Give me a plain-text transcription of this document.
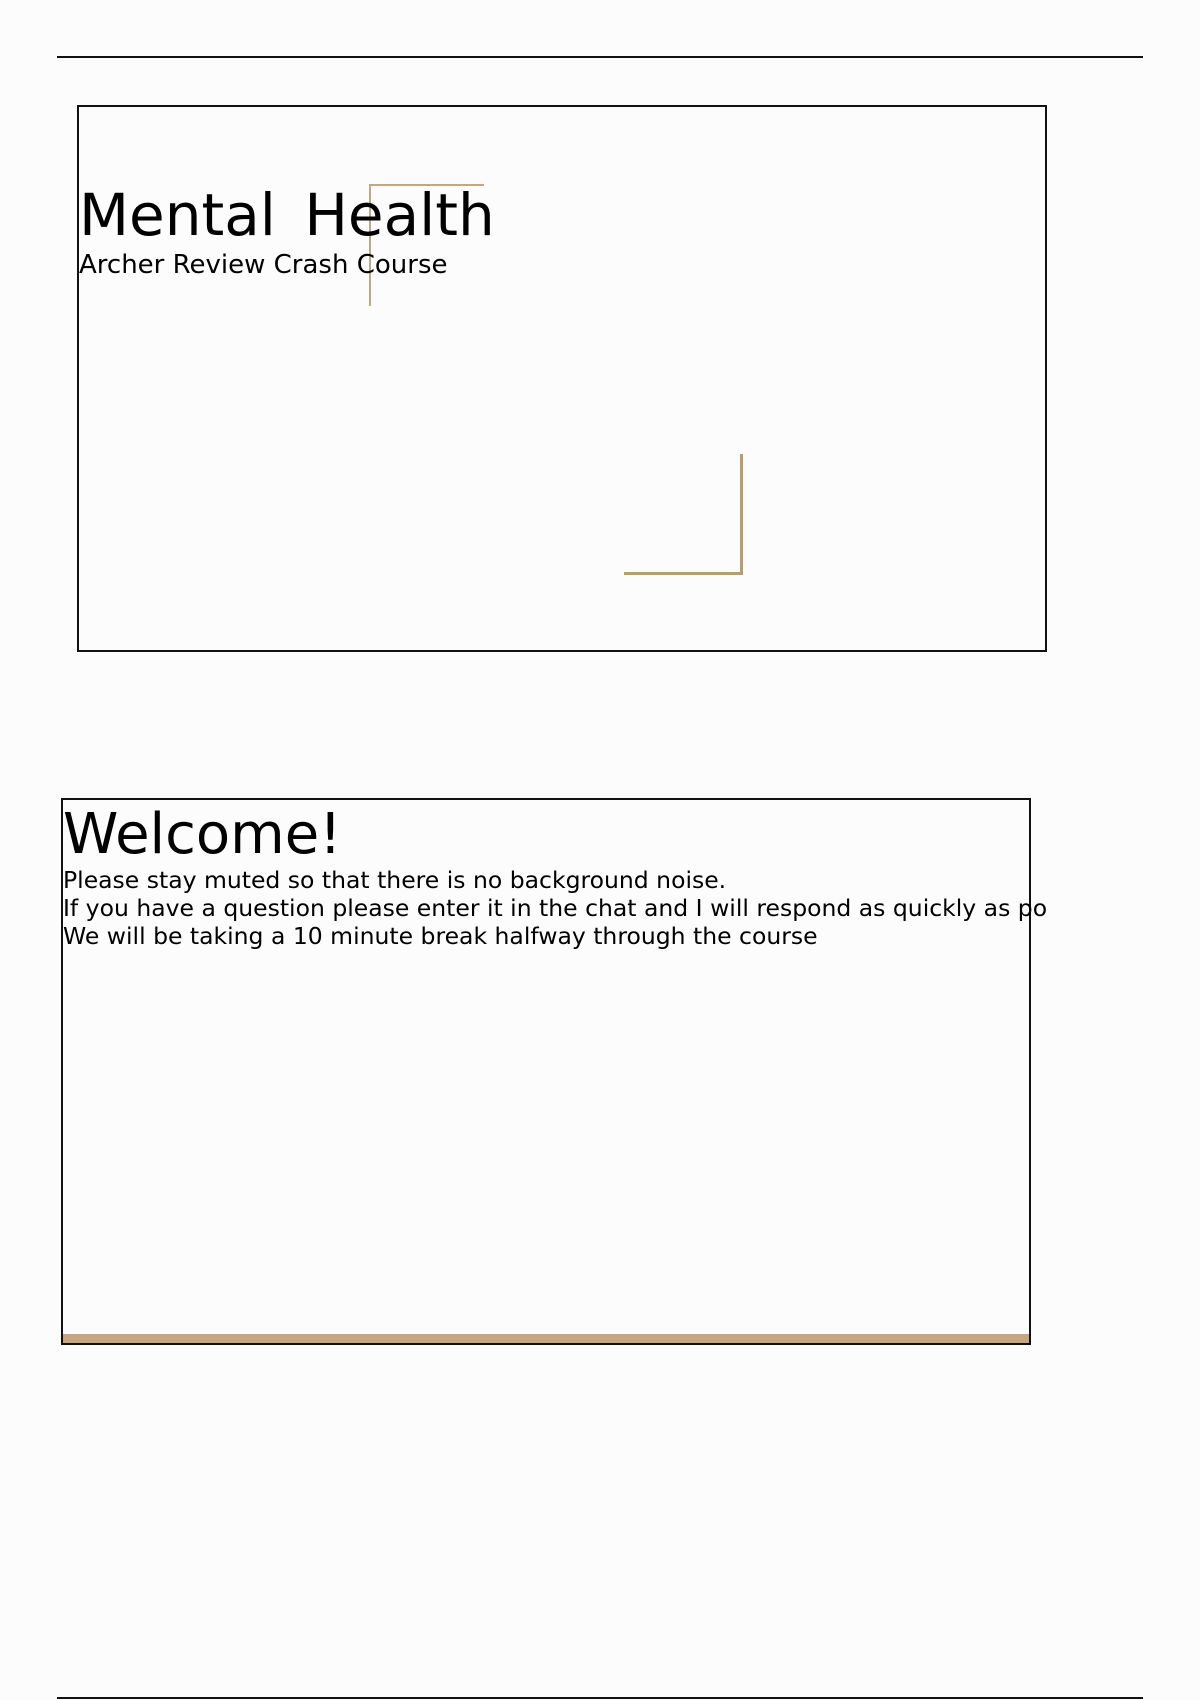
Mental Health
Archer Review Crash Course
Welcome!
Please stay muted so that there is no background noise.
If you have a question please enter it in the chat and I will respond as quickly as po
We will be taking a 10 minute break halfway through the course
